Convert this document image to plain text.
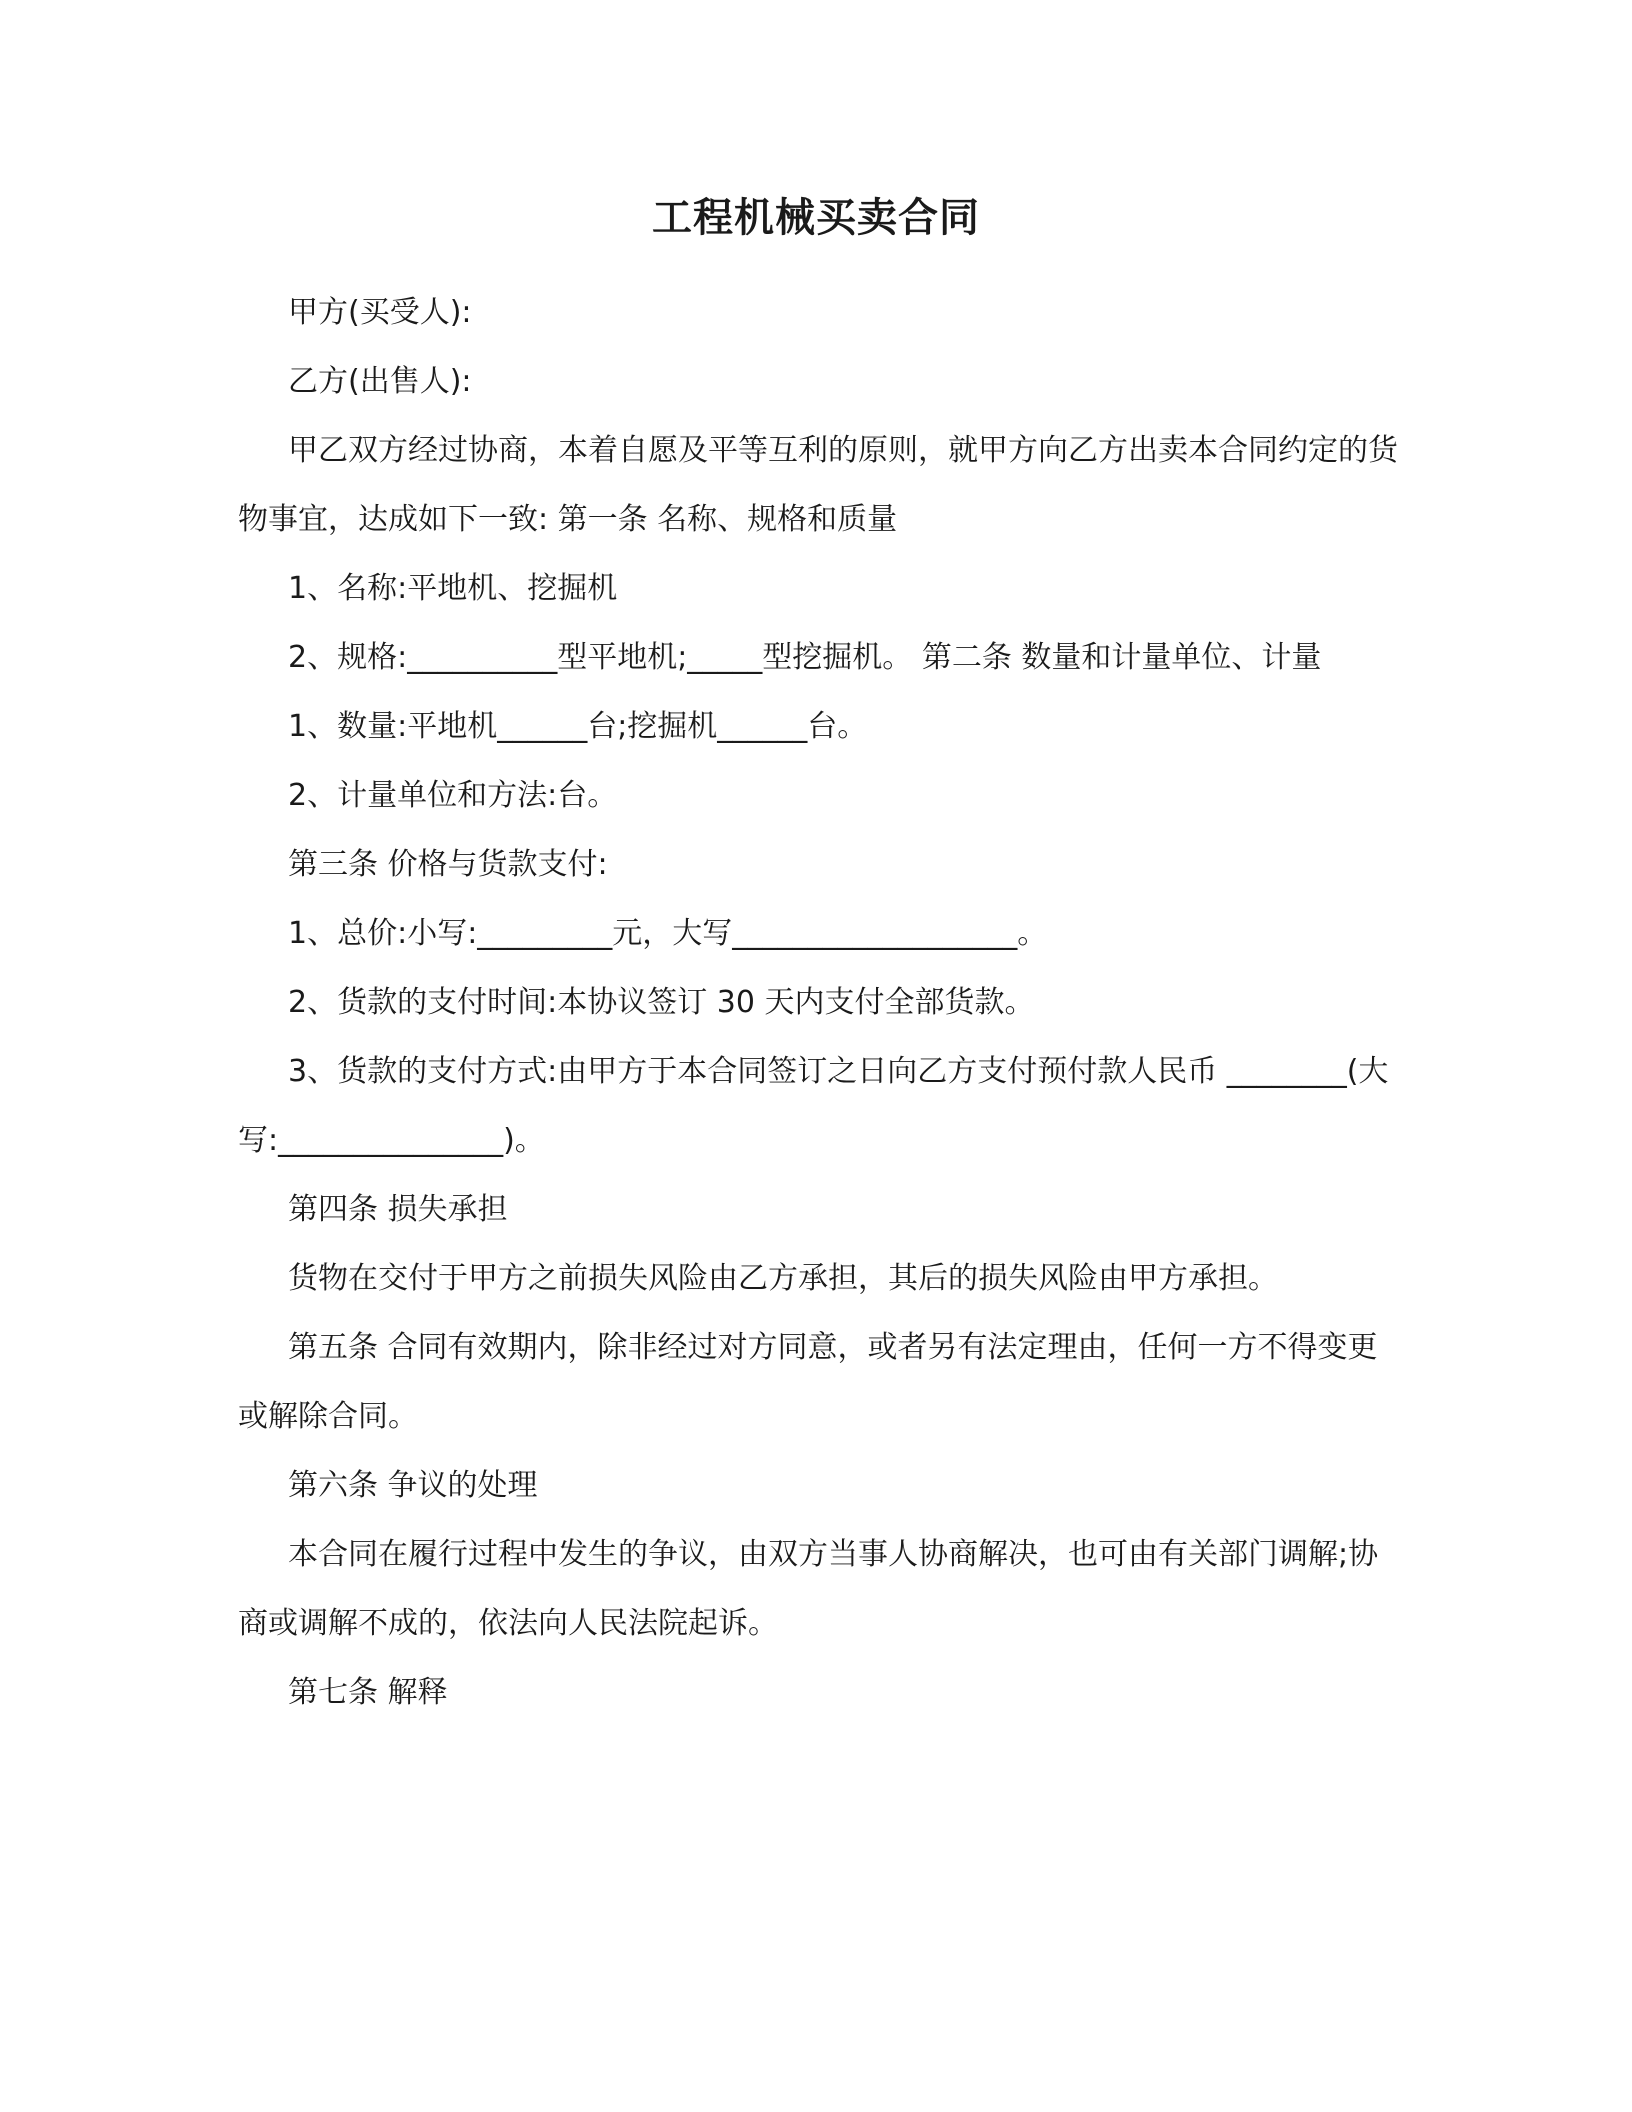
工程机械买卖合同

甲方(买受人):

乙方(出售人):

甲乙双方经过协商，本着自愿及平等互利的原则，就甲方向乙方出卖本合同约定的货物事宜，达成如下一致: 第一条 名称、规格和质量

1、名称:平地机、挖掘机

2、规格:__________型平地机;_____型挖掘机。 第二条 数量和计量单位、计量

1、数量:平地机______台;挖掘机______台。

2、计量单位和方法:台。

第三条 价格与货款支付:

1、总价:小写:_________元，大写___________________。

2、货款的支付时间:本协议签订 30 天内支付全部货款。

3、货款的支付方式:由甲方于本合同签订之日向乙方支付预付款人民币 ________(大写:_______________)。

第四条 损失承担

货物在交付于甲方之前损失风险由乙方承担，其后的损失风险由甲方承担。

第五条 合同有效期内，除非经过对方同意，或者另有法定理由，任何一方不得变更或解除合同。

第六条 争议的处理

本合同在履行过程中发生的争议，由双方当事人协商解决，也可由有关部门调解;协商或调解不成的，依法向人民法院起诉。

第七条 解释
